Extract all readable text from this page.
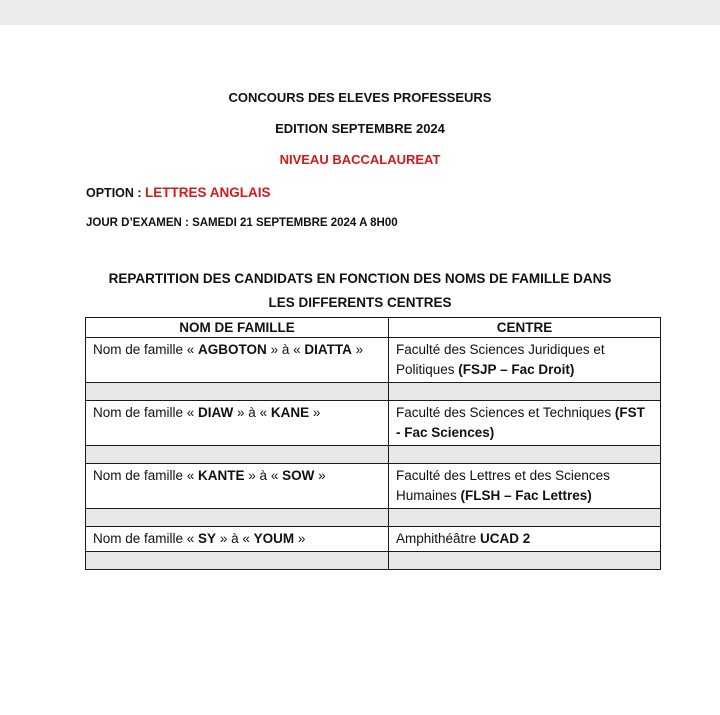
CONCOURS DES ELEVES PROFESSEURS
EDITION SEPTEMBRE 2024
NIVEAU BACCALAUREAT
OPTION : LETTRES ANGLAIS
JOUR D’EXAMEN : SAMEDI 21 SEPTEMBRE 2024 A 8H00
REPARTITION DES CANDIDATS EN FONCTION DES NOMS DE FAMILLE DANS
LES DIFFERENTS CENTRES
NOM DE FAMILLE	CENTRE
Nom de famille « AGBOTON » à « DIATTA »	Faculté des Sciences Juridiques et Politiques (FSJP – Fac Droit)

Nom de famille « DIAW » à « KANE »	Faculté des Sciences et Techniques (FST - Fac Sciences)

Nom de famille « KANTE » à « SOW »	Faculté des Lettres et des Sciences Humaines (FLSH – Fac Lettres)

Nom de famille « SY » à « YOUM »	Amphithéâtre UCAD 2
